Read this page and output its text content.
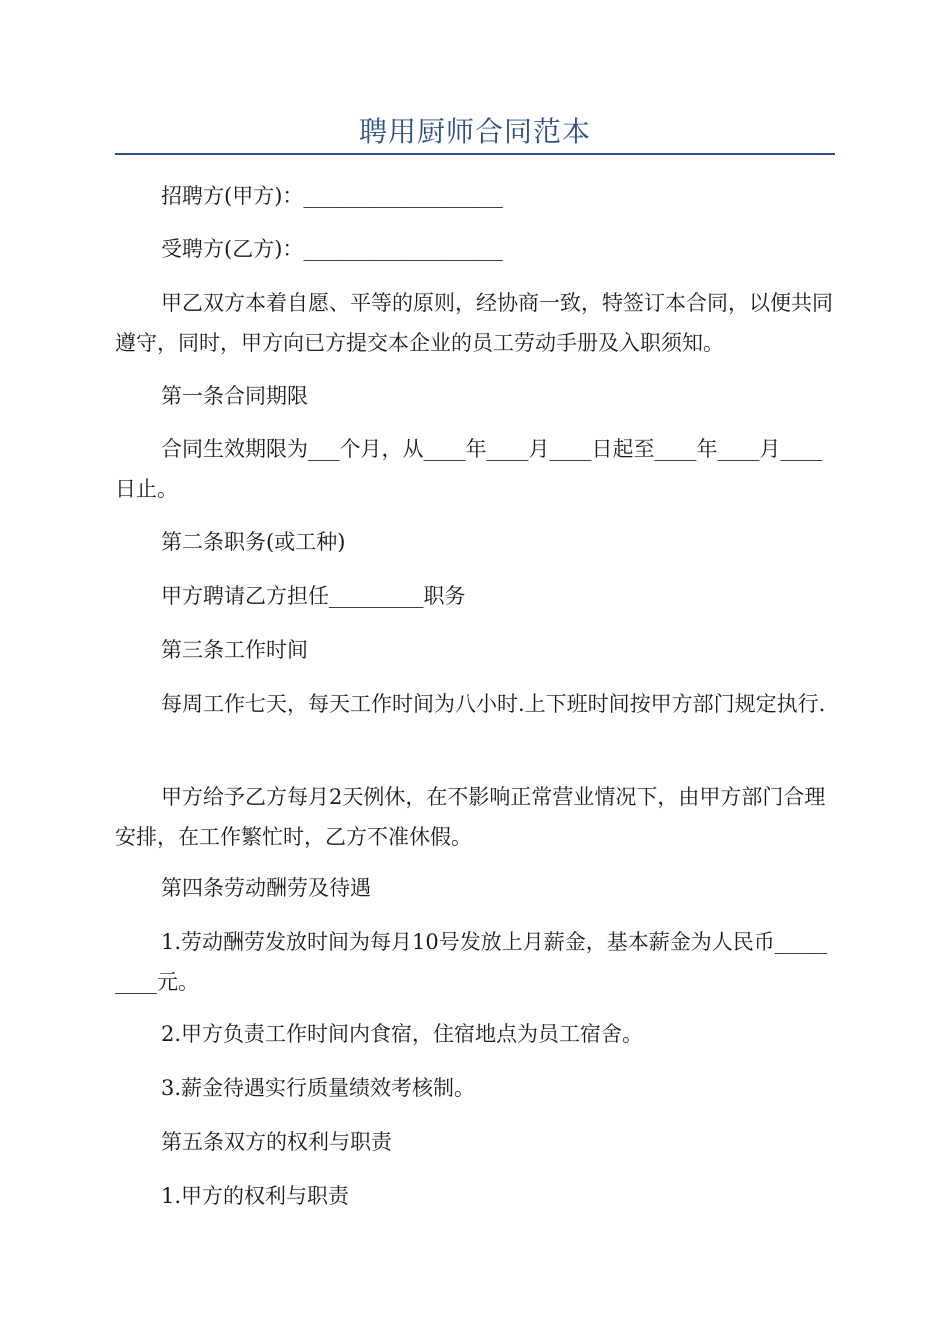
聘用厨师合同范本

招聘方(甲方)：___________________

受聘方(乙方)：___________________

甲乙双方本着自愿、平等的原则，经协商一致，特签订本合同，以便共同遵守，同时，甲方向已方提交本企业的员工劳动手册及入职须知。

第一条合同期限

合同生效期限为___个月，从____年____月____日起至____年____月____日止。

第二条职务(或工种)

甲方聘请乙方担任_________职务

第三条工作时间

每周工作七天，每天工作时间为八小时.上下班时间按甲方部门规定执行.

甲方给予乙方每月2天例休，在不影响正常营业情况下，由甲方部门合理安排，在工作繁忙时，乙方不准休假。

第四条劳动酬劳及待遇

1.劳动酬劳发放时间为每月10号发放上月薪金，基本薪金为人民币_________元。

2.甲方负责工作时间内食宿，住宿地点为员工宿舍。

3.薪金待遇实行质量绩效考核制。

第五条双方的权利与职责

1.甲方的权利与职责
